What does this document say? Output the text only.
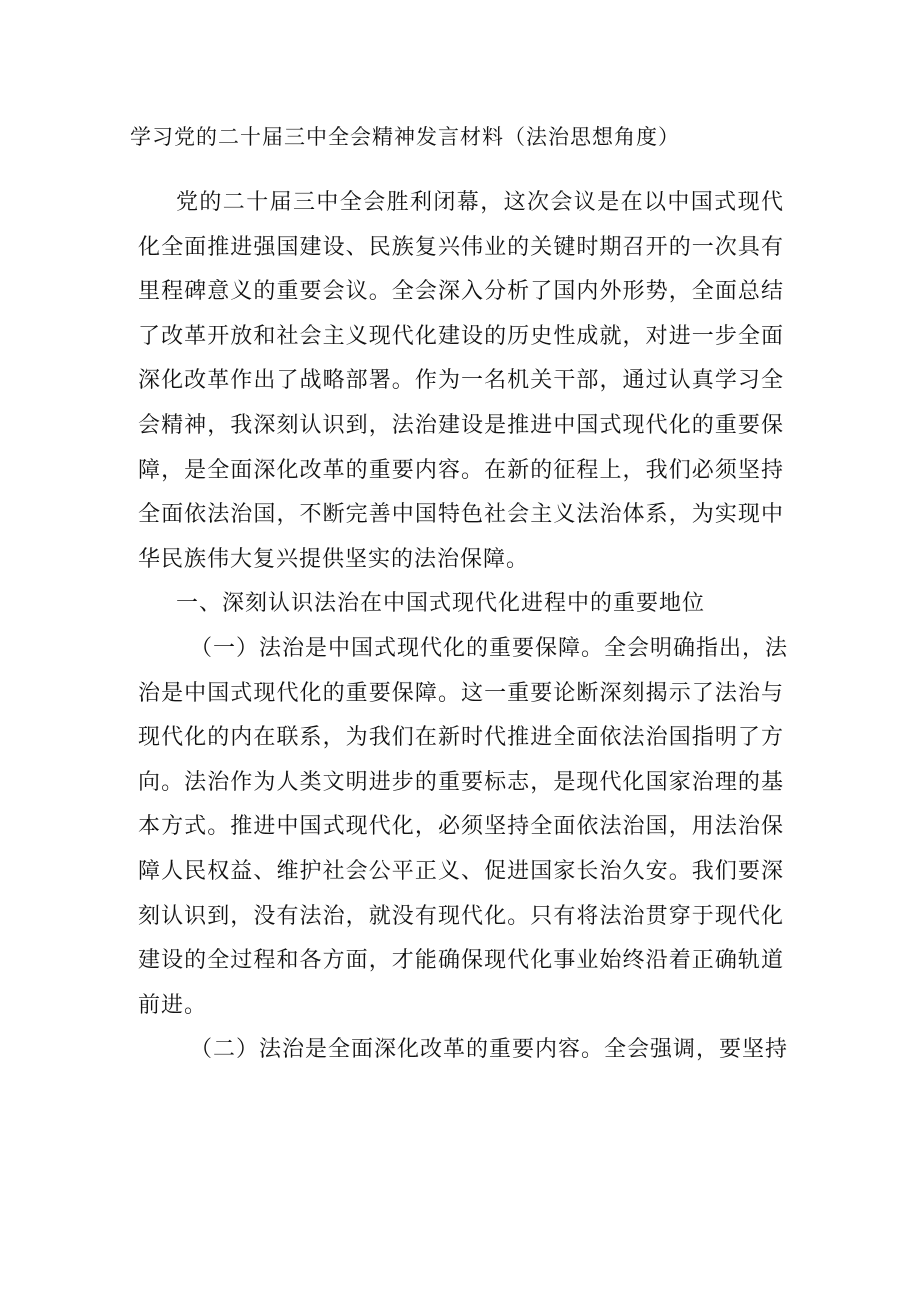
学习党的二十届三中全会精神发言材料（法治思想角度）
党的二十届三中全会胜利闭幕，这次会议是在以中国式现代
化全面推进强国建设、民族复兴伟业的关键时期召开的一次具有
里程碑意义的重要会议。全会深入分析了国内外形势，全面总结
了改革开放和社会主义现代化建设的历史性成就，对进一步全面
深化改革作出了战略部署。作为一名机关干部，通过认真学习全
会精神，我深刻认识到，法治建设是推进中国式现代化的重要保
障，是全面深化改革的重要内容。在新的征程上，我们必须坚持
全面依法治国，不断完善中国特色社会主义法治体系，为实现中
华民族伟大复兴提供坚实的法治保障。
一、深刻认识法治在中国式现代化进程中的重要地位
（一）法治是中国式现代化的重要保障。全会明确指出，法
治是中国式现代化的重要保障。这一重要论断深刻揭示了法治与
现代化的内在联系，为我们在新时代推进全面依法治国指明了方
向。法治作为人类文明进步的重要标志，是现代化国家治理的基
本方式。推进中国式现代化，必须坚持全面依法治国，用法治保
障人民权益、维护社会公平正义、促进国家长治久安。我们要深
刻认识到，没有法治，就没有现代化。只有将法治贯穿于现代化
建设的全过程和各方面，才能确保现代化事业始终沿着正确轨道
前进。
（二）法治是全面深化改革的重要内容。全会强调，要坚持
